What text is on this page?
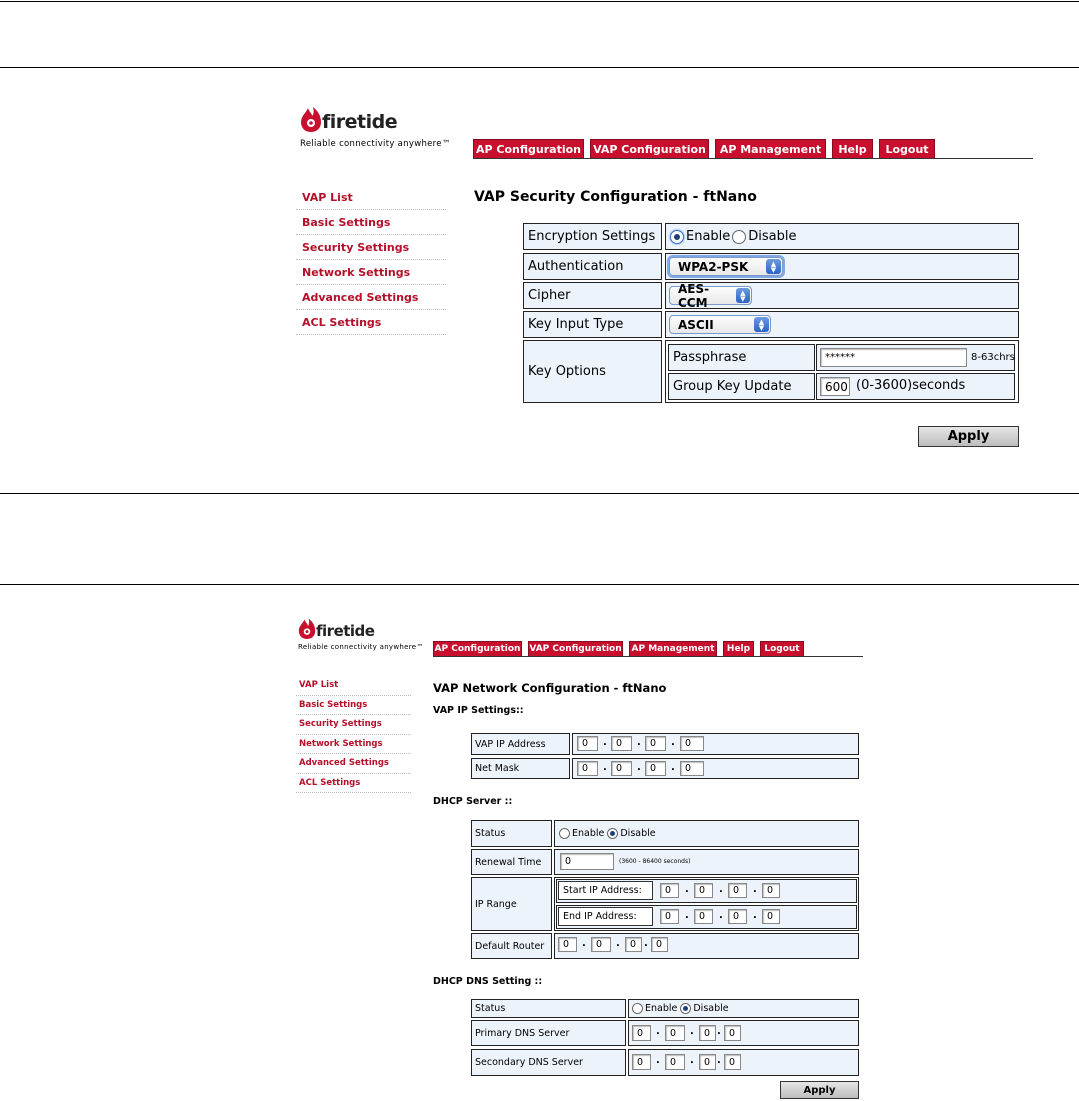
firetide
Reliable connectivity anywhere™ AP Configuration VAP Configuration	AP Management	Help	Logout
VAP List
Basic Settings
Security Settings
Network Settings
Advanced Settings
ACL Settings
VAP Security Configuration - ftNano
Encryption Settings Enable Disable
Authentication	WPA2-PSK	▲
▼
Cipher	AES-CCM
▲
▼
Key Input Type	ASCII	▲
▼
Key Options
Passphrase	******	8-63chrs
Group Key Update	600 (0-3600)seconds
Apply
firetide
Reliable connectivity anywhere™ AP Configuration VAP Configuration AP Management	Help	Logout
VAP List
Basic Settings
Security Settings
Network Settings
Advanced Settings
ACL Settings
VAP Network Configuration - ftNano
VAP IP Settings::
VAP IP Address	0 . 0 . 0 . 0
Net Mask	0 . 0 . 0 . 0
DHCP Server ::
Status	Enable Disable
Renewal Time 0	(3600 - 86400 seconds)
IP Range
Start IP Address: 0 . 0 . 0 . 0
End IP Address:	0 . 0 . 0 . 0
Default Router 0 . 0 . 0 . 0
DHCP DNS Setting ::
Status	Enable Disable
Primary DNS Server	0 . 0 . 0 . 0
Secondary DNS Server	0 . 0 . 0 . 0
Apply
